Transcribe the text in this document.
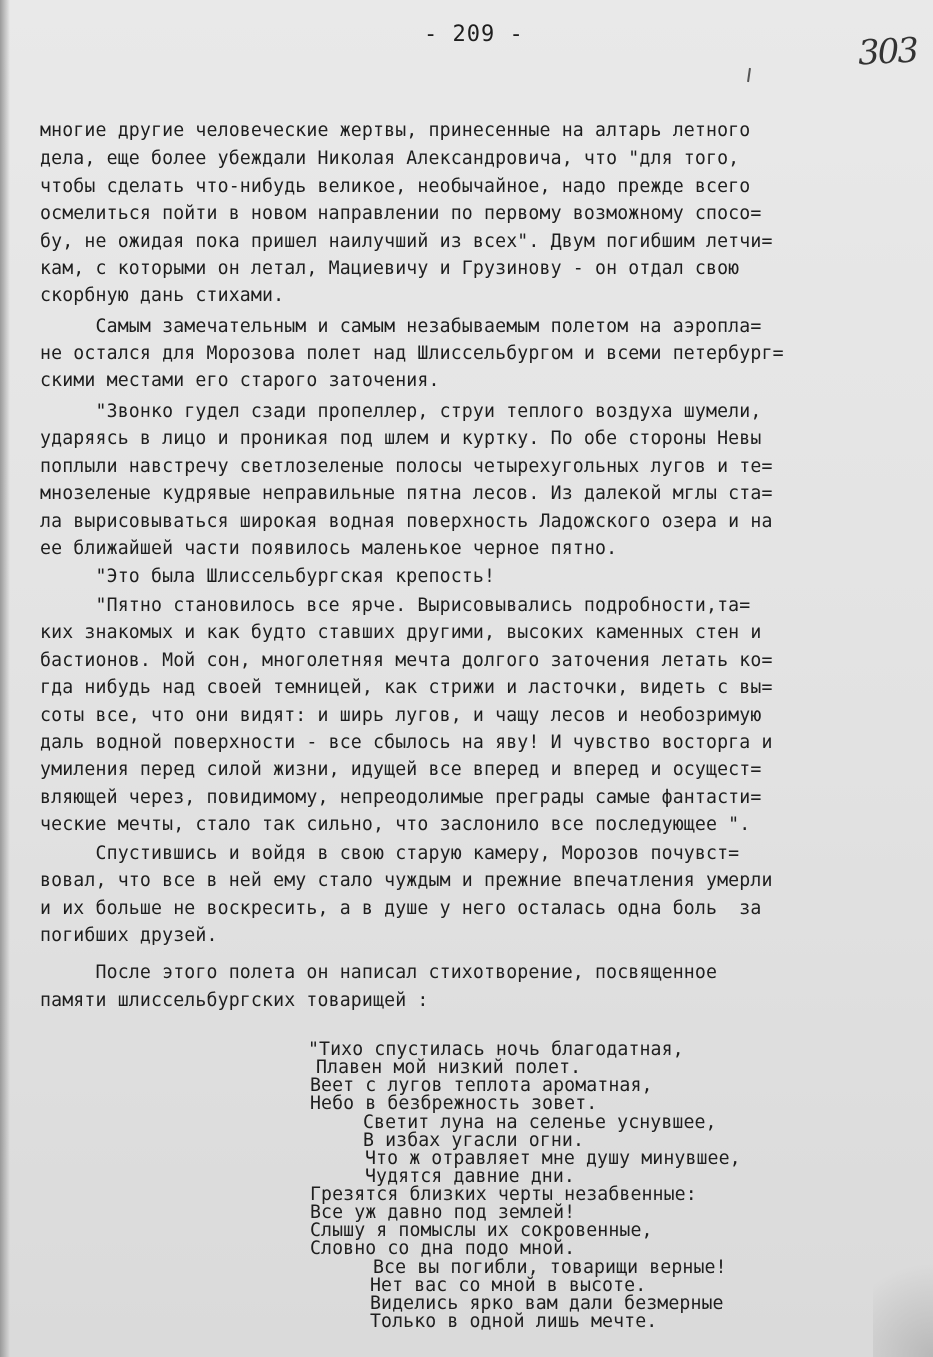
- 209 -	303
многие другие человеческие жертвы, принесенные на алтарь летного
дела, еще более убеждали Николая Александровича, что "для того,
чтобы сделать что-нибудь великое, необычайное, надо прежде всего
осмелиться пойти в новом направлении по первому возможному спосо=
бу, не ожидая пока пришел наилучший из всех". Двум погибшим летчи=
кам, с которыми он летал, Мациевичу и Грузинову - он отдал свою
скорбную дань стихами.
Самым замечательным и самым незабываемым полетом на аэропла=
не остался для Морозова полет над Шлиссельбургом и всеми петербург=
скими местами его старого заточения.
"Звонко гудел сзади пропеллер, струи теплого воздуха шумели,
ударяясь в лицо и проникая под шлем и куртку. По обе стороны Невы
поплыли навстречу светлозеленые полосы четырехугольных лугов и те=
мнозеленые кудрявые неправильные пятна лесов. Из далекой мглы ста=
ла вырисовываться широкая водная поверхность Ладожского озера и на
ее ближайшей части появилось маленькое черное пятно.
"Это была Шлиссельбургская крепость!
"Пятно становилось все ярче. Вырисовывались подробности,та=
ких знакомых и как будто ставших другими, высоких каменных стен и
бастионов. Мой сон, многолетняя мечта долгого заточения летать ко=
гда нибудь над своей темницей, как стрижи и ласточки, видеть с вы=
соты все, что они видят: и ширь лугов, и чащу лесов и необозримую
даль водной поверхности - все сбылось на яву! И чувство восторга и
умиления перед силой жизни, идущей все вперед и вперед и осущест=
вляющей через, повидимому, непреодолимые преграды самые фантасти=
ческие мечты, стало так сильно, что заслонило все последующее ".
Спустившись и войдя в свою старую камеру, Морозов почувст=
вовал, что все в ней ему стало чуждым и прежние впечатления умерли
и их больше не воскресить, а в душе у него осталась одна боль  за
погибших друзей.
После этого полета он написал стихотворение, посвященное
памяти шлиссельбургских товарищей :
"Тихо спустилась ночь благодатная,
Плавен мой низкий полет.
Веет с лугов теплота ароматная,
Небо в безбрежность зовет.
Светит луна на селенье уснувшее,
В избах угасли огни.
Что ж отравляет мне душу минувшее,
Чудятся давние дни.
Грезятся близких черты незабвенные:
Все уж давно под землей!
Слышу я помыслы их сокровенные,
Словно со дна подо мной.
Все вы погибли, товарищи верные!
Нет вас со мной в высоте.
Виделись ярко вам дали безмерные
Только в одной лишь мечте.
